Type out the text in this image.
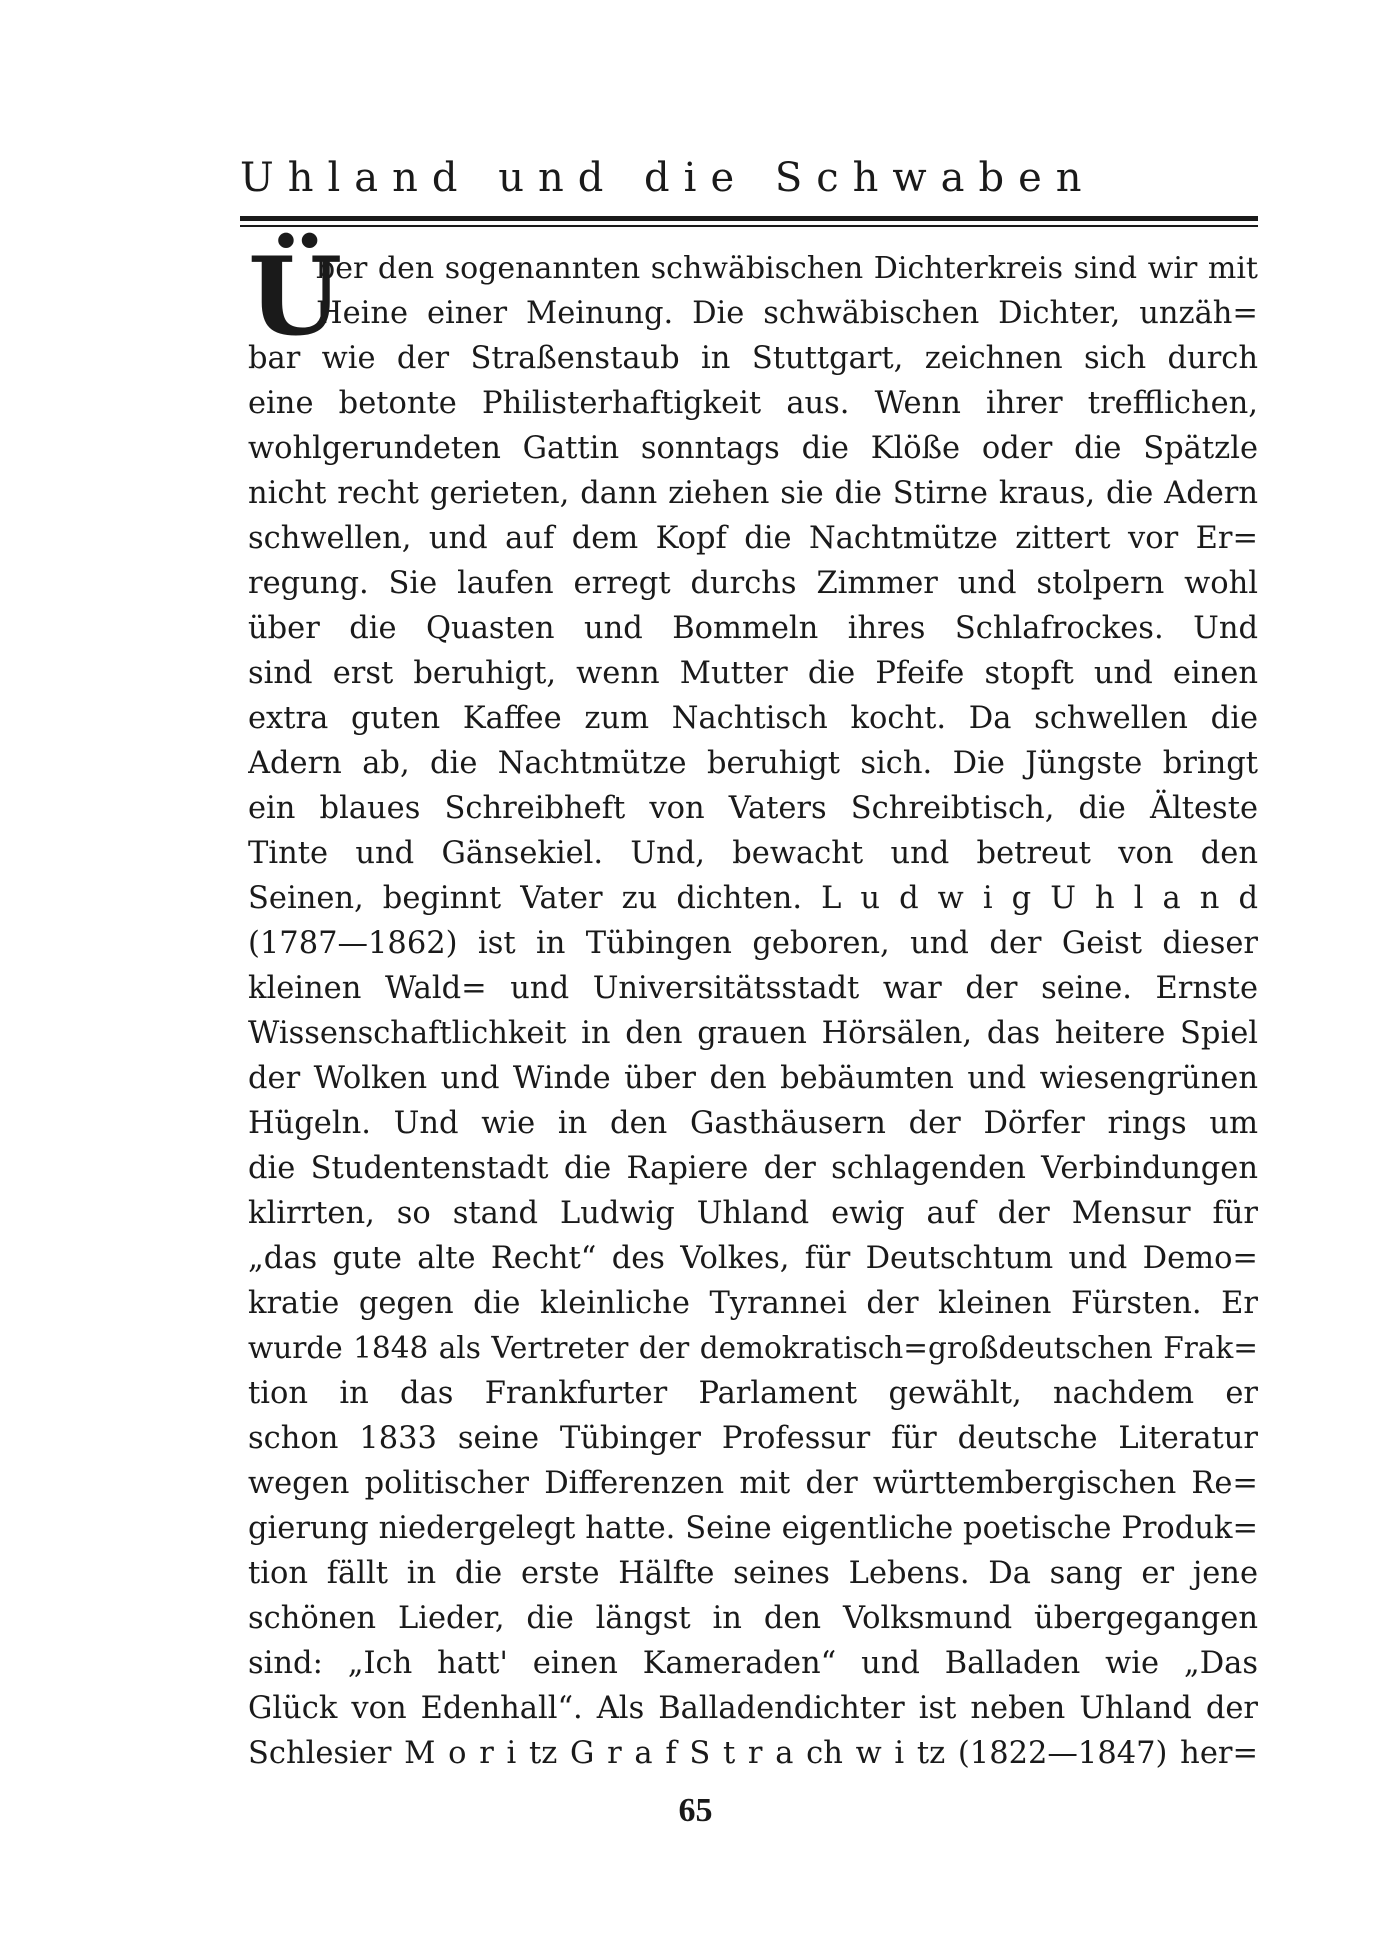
Uhland und die Schwaben
Ü
ber den sogenannten schwäbischen Dichterkreis sind wir mit
Heine einer Meinung. Die schwäbischen Dichter, unzäh=
bar wie der Straßenstaub in Stuttgart, zeichnen sich durch
eine betonte Philisterhaftigkeit aus. Wenn ihrer trefflichen,
wohlgerundeten Gattin sonntags die Klöße oder die Spätzle
nicht recht gerieten, dann ziehen sie die Stirne kraus, die Adern
schwellen, und auf dem Kopf die Nachtmütze zittert vor Er=
regung. Sie laufen erregt durchs Zimmer und stolpern wohl
über die Quasten und Bommeln ihres Schlafrockes. Und
sind erst beruhigt, wenn Mutter die Pfeife stopft und einen
extra guten Kaffee zum Nachtisch kocht. Da schwellen die
Adern ab, die Nachtmütze beruhigt sich. Die Jüngste bringt
ein blaues Schreibheft von Vaters Schreibtisch, die Älteste
Tinte und Gänsekiel. Und, bewacht und betreut von den
Seinen, beginnt Vater zu dichten. L u d w i g U h l a n d
(1787—1862) ist in Tübingen geboren, und der Geist dieser
kleinen Wald= und Universitätsstadt war der seine. Ernste
Wissenschaftlichkeit in den grauen Hörsälen, das heitere Spiel
der Wolken und Winde über den bebäumten und wiesengrünen
Hügeln. Und wie in den Gasthäusern der Dörfer rings um
die Studentenstadt die Rapiere der schlagenden Verbindungen
klirrten, so stand Ludwig Uhland ewig auf der Mensur für
„das gute alte Recht“ des Volkes, für Deutschtum und Demo=
kratie gegen die kleinliche Tyrannei der kleinen Fürsten. Er
wurde 1848 als Vertreter der demokratisch=großdeutschen Frak=
tion in das Frankfurter Parlament gewählt, nachdem er
schon 1833 seine Tübinger Professur für deutsche Literatur
wegen politischer Differenzen mit der württembergischen Re=
gierung niedergelegt hatte. Seine eigentliche poetische Produk=
tion fällt in die erste Hälfte seines Lebens. Da sang er jene
schönen Lieder, die längst in den Volksmund übergegangen
sind: „Ich hatt' einen Kameraden“ und Balladen wie „Das
Glück von Edenhall“. Als Balladendichter ist neben Uhland der
Schlesier M o r i tz G r a f S t r a ch w i tz (1822—1847) her=
65
